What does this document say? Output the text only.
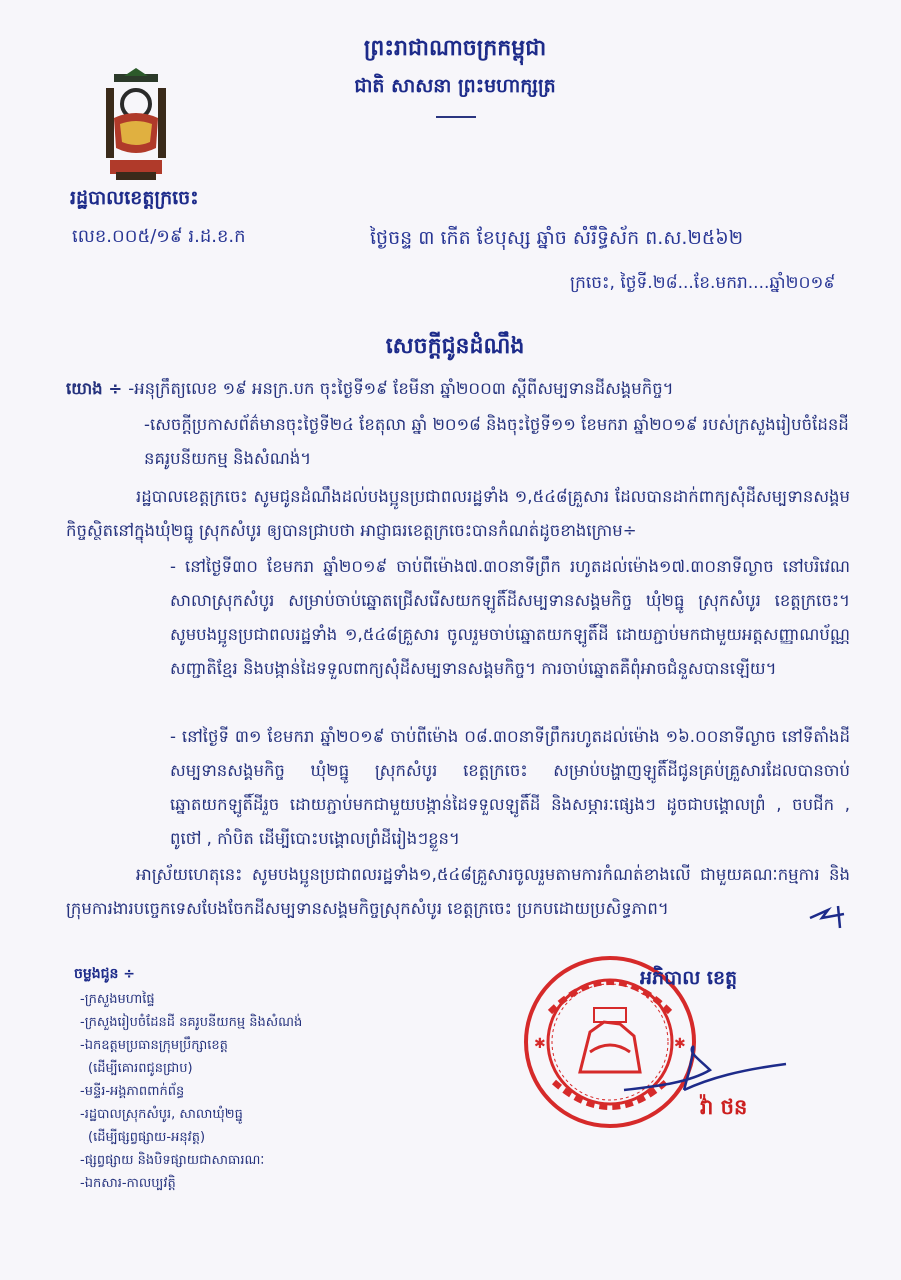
ព្រះរាជាណាចក្រកម្ពុជា
ជាតិ សាសនា ព្រះមហាក្សត្រ
រដ្ឋបាលខេត្តក្រចេះ
លេខ.០០៥/១៩ រ.ដ.ខ.ក	ថ្ងៃចន្ទ ៣ កើត ខែបុស្ស ឆ្នាំច សំរឹទ្ធិស័ក ព.ស.២៥៦២
ក្រចេះ, ថ្ងៃទី.២៨...ខែ.មករា....ឆ្នាំ២០១៩
សេចក្តីជូនដំណឹង
យោង ÷ -អនុក្រឹត្យលេខ ១៩ អនក្រ.បក ចុះថ្ងៃទី១៩ ខែមីនា ឆ្នាំ២០០៣ ស្តីពីសម្បទានដីសង្គមកិច្ច។
-សេចក្តីប្រកាសព័ត៌មានចុះថ្ងៃទី២៤ ខែតុលា ឆ្នាំ ២០១៨ និងចុះថ្ងៃទី១១ ខែមករា ឆ្នាំ២០១៩ របស់ក្រសួងរៀបចំដែនដី នគរូបនីយកម្ម និងសំណង់។
រដ្ឋបាលខេត្តក្រចេះ សូមជូនដំណឹងដល់បងប្អូនប្រជាពលរដ្ឋទាំង ១,៥៤៨គ្រួសារ ដែលបានដាក់ពាក្យសុំដីសម្បទានសង្គមកិច្ចស្ថិតនៅក្នុងឃុំ២ធ្នូ ស្រុកសំបូរ ឲ្យបានជ្រាបថា អាជ្ញាធរខេត្តក្រចេះបានកំណត់ដូចខាងក្រោម÷
- នៅថ្ងៃទី៣០ ខែមករា ឆ្នាំ២០១៩ ចាប់ពីម៉ោង៧.៣០នាទីព្រឹក រហូតដល់ម៉ោង១៧.៣០នាទីល្ងាច នៅបរិវេណសាលាស្រុកសំបូរ សម្រាប់ចាប់ឆ្នោតជ្រើសរើសយកឡូតិ៍ដីសម្បទានសង្គមកិច្ច ឃុំ២ធ្នូ ស្រុកសំបូរ ខេត្តក្រចេះ។សូមបងប្អូនប្រជាពលរដ្ឋទាំង ១,៥៤៨គ្រួសារ ចូលរួមចាប់ឆ្នោតយកឡូតិ៍ដី ដោយភ្ជាប់មកជាមួយអត្តសញ្ញាណប័ណ្ណសញ្ជាតិខ្មែរ និងបង្កាន់ដៃទទួលពាក្យសុំដីសម្បទានសង្គមកិច្ច។ ការចាប់ឆ្នោតគឺពុំអាចជំនួសបានឡើយ។
- នៅថ្ងៃទី ៣១ ខែមករា ឆ្នាំ២០១៩ ចាប់ពីម៉ោង ០៨.៣០នាទីព្រឹករហូតដល់ម៉ោង ១៦.០០នាទីល្ងាច នៅទីតាំងដីសម្បទានសង្គមកិច្ច ឃុំ២ធ្នូ ស្រុកសំបូរ ខេត្តក្រចេះ សម្រាប់បង្ហាញឡូតិ៍ដីជូនគ្រប់គ្រួសារដែលបានចាប់ឆ្នោតយកឡូតិ៍ដីរួច ដោយភ្ជាប់មកជាមួយបង្កាន់ដៃទទួលឡូតិ៍ដី និងសម្ភារៈផ្សេងៗ ដូចជាបង្គោលព្រំ , ចបជីក , ពូថៅ , កាំបិត ដើម្បីបោះបង្គោលព្រំដីរៀងៗខ្លួន។
អាស្រ័យហេតុនេះ សូមបងប្អូនប្រជាពលរដ្ឋទាំង១,៥៤៨គ្រួសារចូលរួមតាមការកំណត់ខាងលើ ជាមួយគណៈកម្មការ និងក្រុមការងារបច្ចេកទេសបែងចែកដីសម្បទានសង្គមកិច្ចស្រុកសំបូរ ខេត្តក្រចេះ ប្រកបដោយប្រសិទ្ធភាព។
ចម្លងជូន ÷
-ក្រសួងមហាផ្ទៃ
-ក្រសួងរៀបចំដែនដី នគរូបនីយកម្ម និងសំណង់
-ឯកឧត្តមប្រធានក្រុមប្រឹក្សាខេត្ត
(ដើម្បីគោរពជូនជ្រាប)
-មន្ទីរ-អង្គភាពពាក់ព័ន្ធ
-រដ្ឋបាលស្រុកសំបូរ, សាលាឃុំ២ធ្នូ
(ដើម្បីផ្សព្វផ្សាយ-អនុវត្ត)
-ផ្សព្វផ្សាយ និងបិទផ្សាយជាសាធារណៈ
-ឯកសារ-កាលប្បវត្តិ
✱	✱
អភិបាល ខេត្ត
វ៉ា ថន
